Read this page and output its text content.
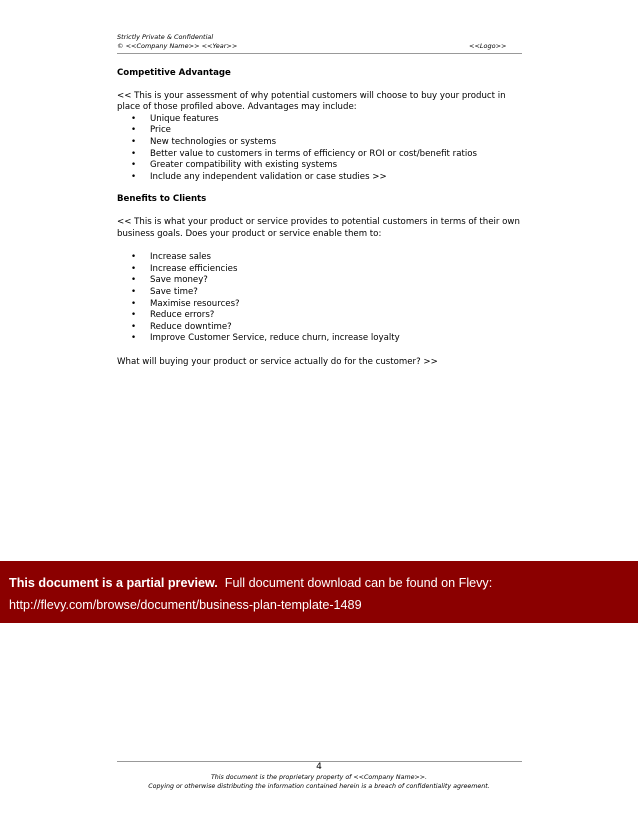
Strictly Private & Confidential
© <<Company Name>> <<Year>>	<<Logo>>
Competitive Advantage

<< This is your assessment of why potential customers will choose to buy your product in place of those profiled above. Advantages may include:

• Unique features
• Price
• New technologies or systems
• Better value to customers in terms of efficiency or ROI or cost/benefit ratios
• Greater compatibility with existing systems
• Include any independent validation or case studies >>
Benefits to Clients

<< This is what your product or service provides to potential customers in terms of their own business goals. Does your product or service enable them to:

• Increase sales
• Increase efficiencies
• Save money?
• Save time?
• Maximise resources?
• Reduce errors?
• Reduce downtime?
• Improve Customer Service, reduce churn, increase loyalty

What will buying your product or service actually do for the customer? >>

This document is a partial preview. Full document download can be found on Flevy:
http://flevy.com/browse/document/business-plan-template-1489
4
This document is the proprietary property of <<Company Name>>.
Copying or otherwise distributing the information contained herein is a breach of confidentiality agreement.
